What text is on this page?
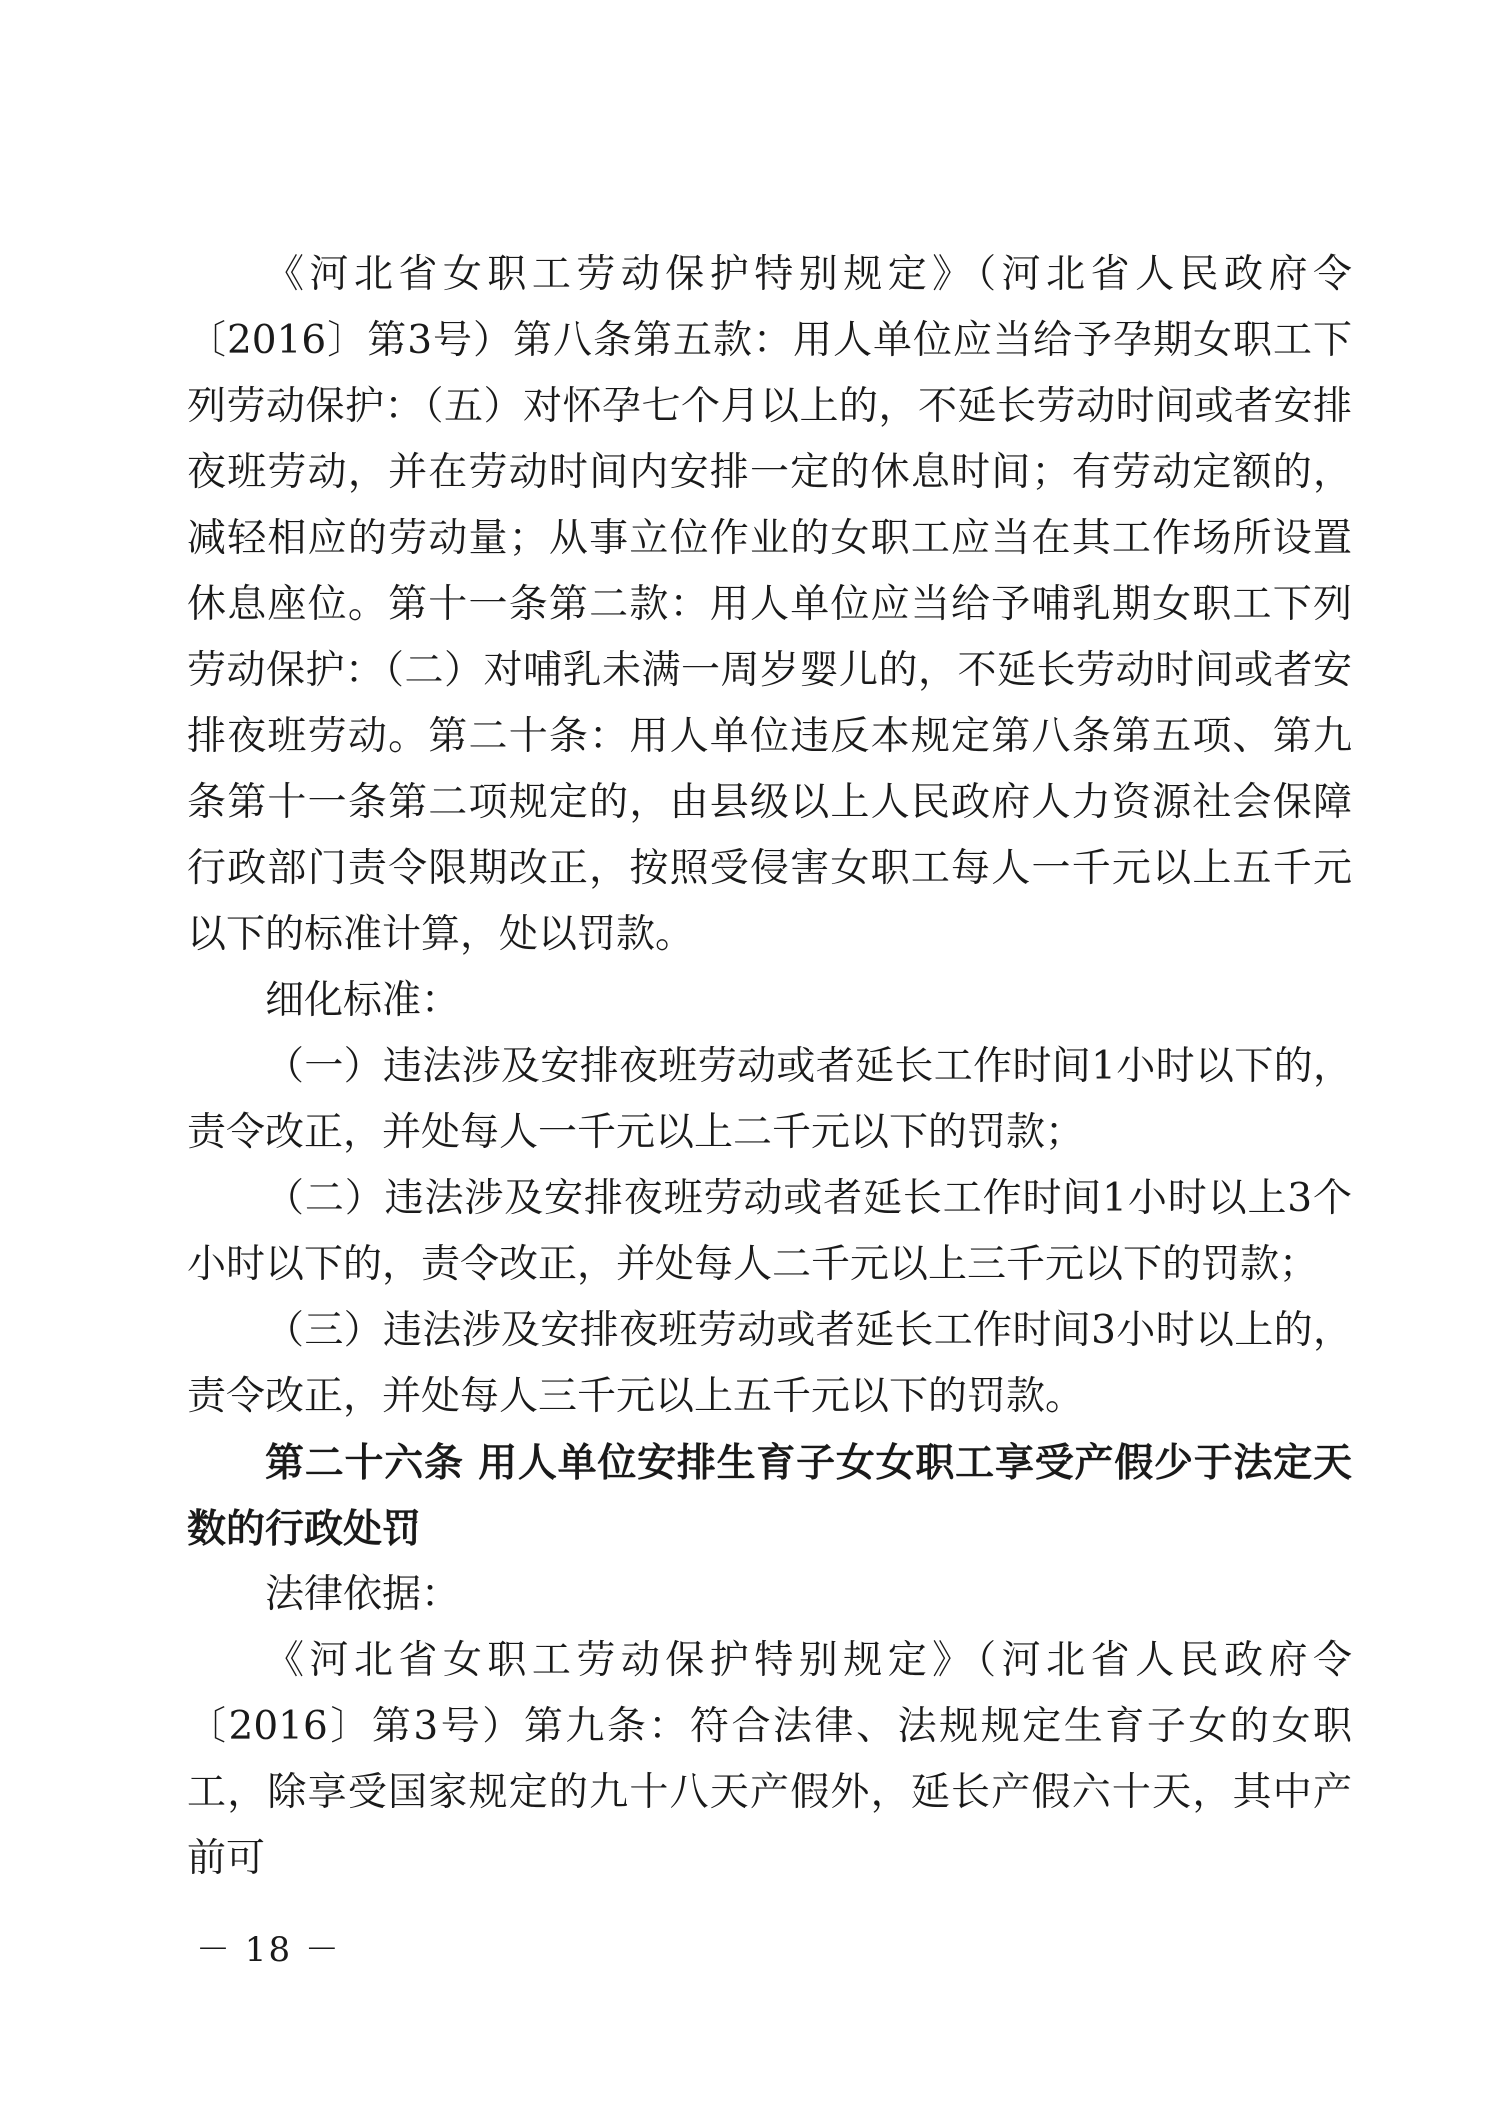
《河北省女职工劳动保护特别规定》（河北省人民政府令〔2016〕第3号）第八条第五款：用人单位应当给予孕期女职工下列劳动保护：（五）对怀孕七个月以上的，不延长劳动时间或者安排夜班劳动，并在劳动时间内安排一定的休息时间；有劳动定额的，减轻相应的劳动量；从事立位作业的女职工应当在其工作场所设置休息座位。第十一条第二款：用人单位应当给予哺乳期女职工下列劳动保护：（二）对哺乳未满一周岁婴儿的，不延长劳动时间或者安排夜班劳动。第二十条：用人单位违反本规定第八条第五项、第九条第十一条第二项规定的，由县级以上人民政府人力资源社会保障行政部门责令限期改正，按照受侵害女职工每人一千元以上五千元以下的标准计算，处以罚款。

细化标准：

（一）违法涉及安排夜班劳动或者延长工作时间1小时以下的，责令改正，并处每人一千元以上二千元以下的罚款；

（二）违法涉及安排夜班劳动或者延长工作时间1小时以上3个小时以下的，责令改正，并处每人二千元以上三千元以下的罚款；

（三）违法涉及安排夜班劳动或者延长工作时间3小时以上的，责令改正，并处每人三千元以上五千元以下的罚款。

第二十六条 用人单位安排生育子女女职工享受产假少于法定天数的行政处罚

法律依据：

《河北省女职工劳动保护特别规定》（河北省人民政府令〔2016〕第3号）第九条：符合法律、法规规定生育子女的女职工，除享受国家规定的九十八天产假外，延长产假六十天，其中产前可

－ 18 －
